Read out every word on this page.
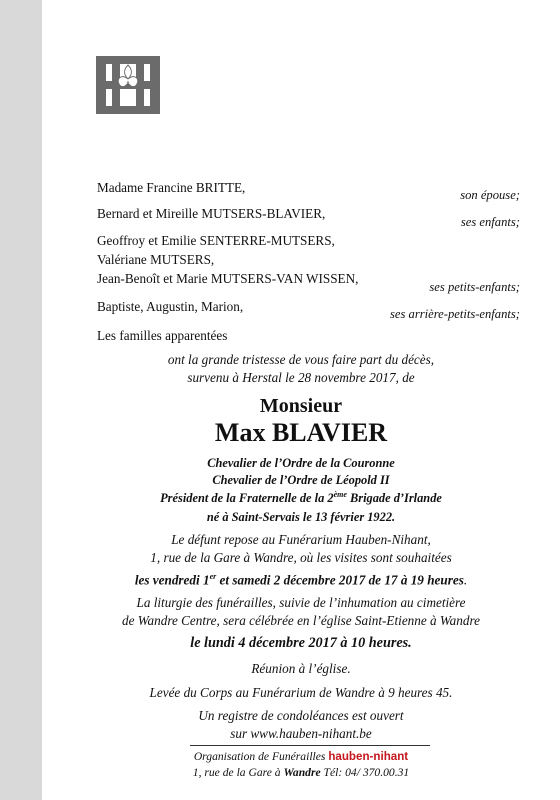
Madame Francine BRITTE,
Bernard et Mireille MUTSERS-BLAVIER,
Geoffroy et Emilie SENTERRE-MUTSERS,
Valériane MUTSERS,
Jean-Benoît et Marie MUTSERS-VAN WISSEN,
Baptiste, Augustin, Marion,
Les familles apparentées
son épouse;
ses enfants;
ses petits-enfants;
ses arrière-petits-enfants;
ont la grande tristesse de vous faire part du décès,
survenu à Herstal le 28 novembre 2017, de
Monsieur
Max BLAVIER
Chevalier de l’Ordre de la Couronne
Chevalier de l’Ordre de Léopold II
Président de la Fraternelle de la 2ème Brigade d’Irlande
né à Saint-Servais le 13 février 1922.
Le défunt repose au Funérarium Hauben-Nihant,
1, rue de la Gare à Wandre, où les visites sont souhaitées
les vendredi 1er et samedi 2 décembre 2017 de 17 à 19 heures.
La liturgie des funérailles, suivie de l’inhumation au cimetière
de Wandre Centre, sera célébrée en l’église Saint-Etienne à Wandre
le lundi 4 décembre 2017 à 10 heures.
Réunion à l’église.
Levée du Corps au Funérarium de Wandre à 9 heures 45.
Un registre de condoléances est ouvert
sur www.hauben-nihant.be
Organisation de Funérailles hauben-nihant
1, rue de la Gare à Wandre Tél: 04/ 370.00.31
